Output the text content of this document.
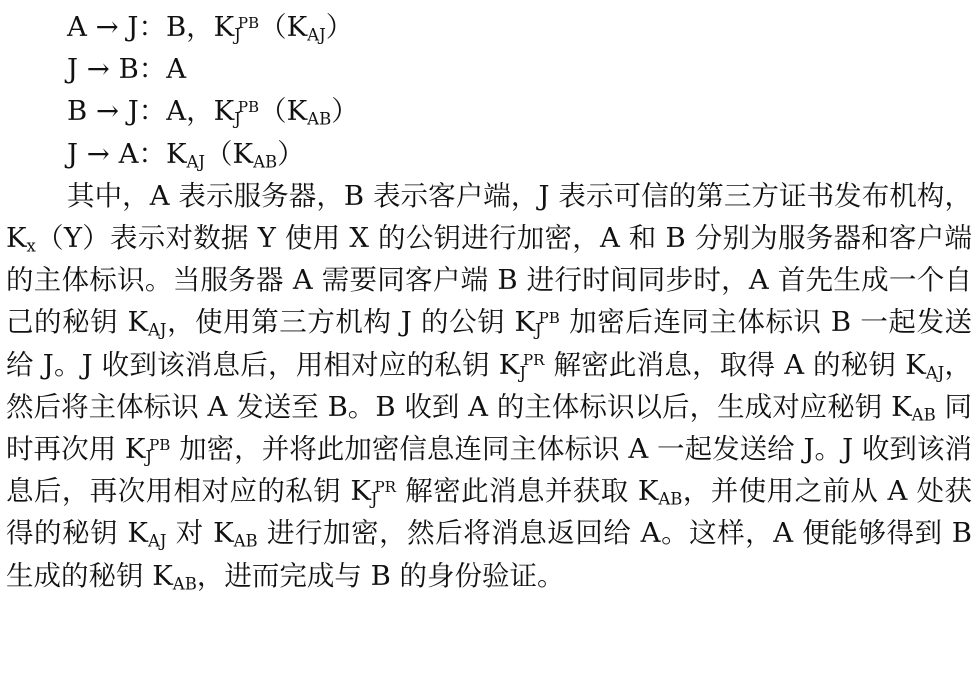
A → J：B，$K_J^{PB}(K_{AJ})$
J → B：A
B → J：A，$K_J^{PB}(K_{AB})$
J → A：$K_{AJ}(K_{AB})$

其中，A 表示服务器，B 表示客户端，J 表示可信的第三方证书发布机构，$K_x(Y)$表示对数据 Y 使用 X 的公钥进行加密，A 和 B 分别为服务器和客户端的主体标识。当服务器 A 需要同客户端 B 进行时间同步时，A 首先生成一个自己的秘钥 $K_{AJ}$，使用第三方机构 J 的公钥 $K_J^{PB}$ 加密后连同主体标识 B 一起发送给 J。J 收到该消息后，用相对应的私钥 $K_J^{PR}$ 解密此消息，取得 A 的秘钥 $K_{AJ}$，然后将主体标识 A 发送至 B。B 收到 A 的主体标识以后，生成对应秘钥 $K_{AB}$ 同时再次用 $K_J^{PB}$ 加密，并将此加密信息连同主体标识 A 一起发送给 J。J 收到该消息后，再次用相对应的私钥 $K_J^{PR}$ 解密此消息并获取 $K_{AB}$，并使用之前从 A 处获得的秘钥 $K_{AJ}$ 对 $K_{AB}$ 进行加密，然后将消息返回给 A。这样，A 便能够得到 B 生成的秘钥 $K_{AB}$，进而完成与 B 的身份验证。
